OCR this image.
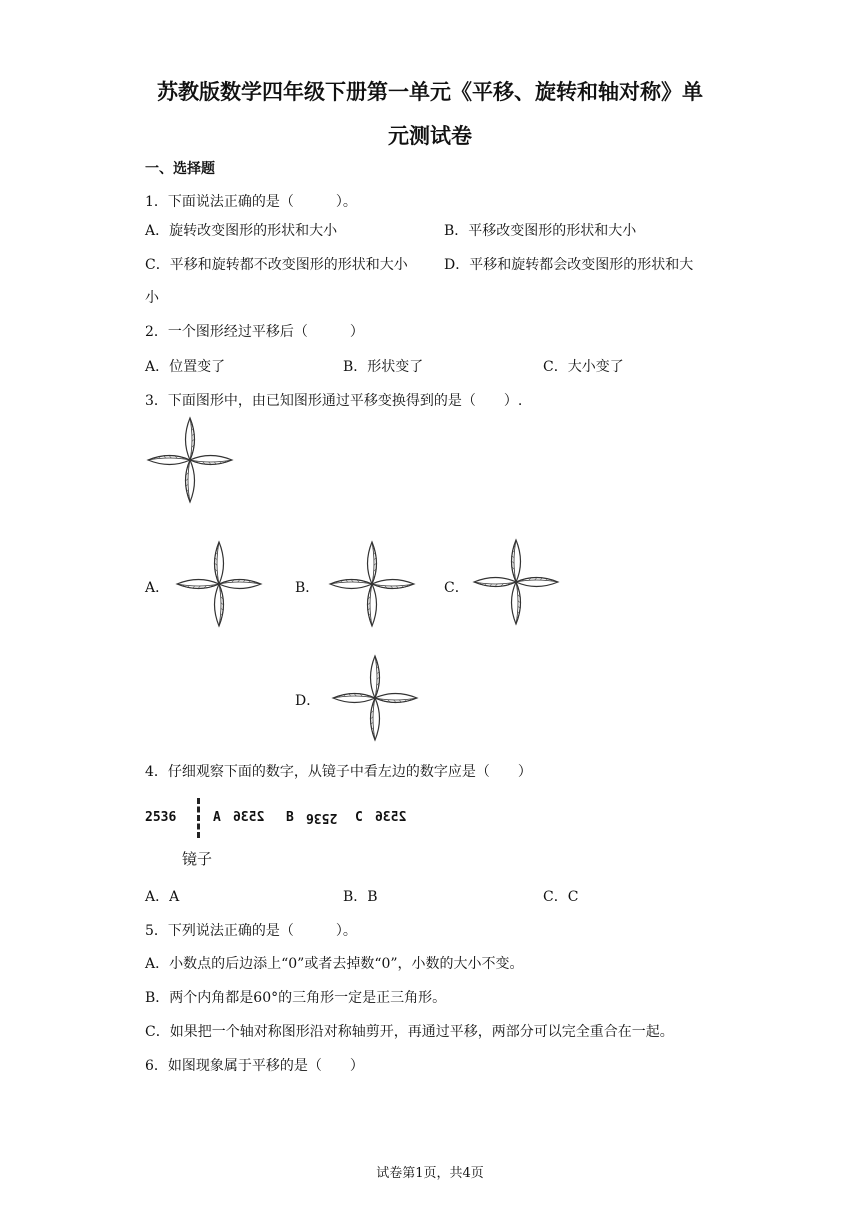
苏教版数学四年级下册第一单元《平移、旋转和轴对称》单
元测试卷
一、选择题
1．下面说法正确的是（　　　）。
A．旋转改变图形的形状和大小	B．平移改变图形的形状和大小
C．平移和旋转都不改变图形的形状和大小	D．平移和旋转都会改变图形的形状和大
小
2．一个图形经过平移后（　　　）
A．位置变了	B．形状变了	C．大小变了
3．下面图形中，由已知图形通过平移变换得到的是（　　）.
A．	B．	C．
D．
4．仔细观察下面的数字，从镜子中看左边的数字应是（　　）
2536	A 2536 B 2536 C 2536
镜子
A．A	B．B	C．C
5．下列说法正确的是（　　　）。
A．小数点的后边添上“0”或者去掉数“0”，小数的大小不变。
B．两个内角都是60°的三角形一定是正三角形。
C．如果把一个轴对称图形沿对称轴剪开，再通过平移，两部分可以完全重合在一起。
6．如图现象属于平移的是（　　）
试卷第1页，共4页
